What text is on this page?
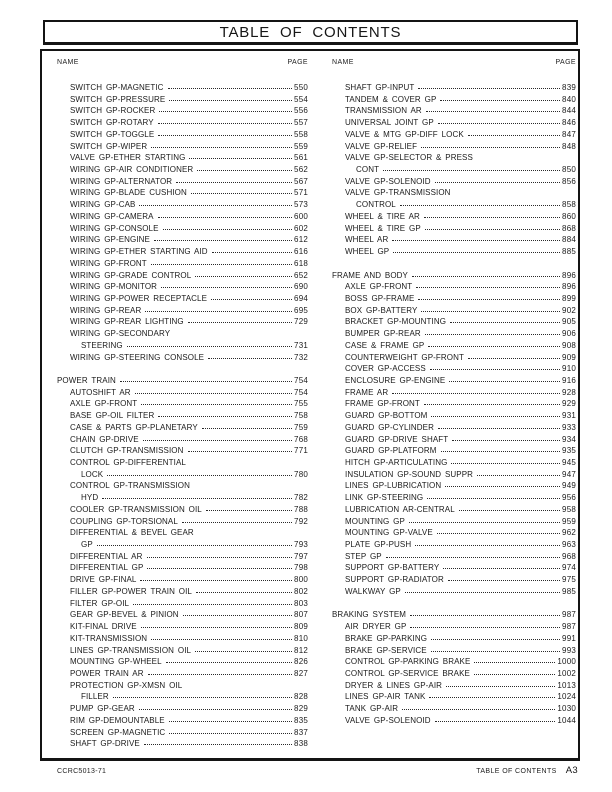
TABLE OF CONTENTS
NAME	PAGE
SWITCH GP-MAGNETIC	550
SWITCH GP-PRESSURE	554
SWITCH GP-ROCKER	556
SWITCH GP-ROTARY	557
SWITCH GP-TOGGLE	558
SWITCH GP-WIPER	559
VALVE GP-ETHER STARTING	561
WIRING GP-AIR CONDITIONER	562
WIRING GP-ALTERNATOR	567
WIRING GP-BLADE CUSHION	571
WIRING GP-CAB	573
WIRING GP-CAMERA	600
WIRING GP-CONSOLE	602
WIRING GP-ENGINE	612
WIRING GP-ETHER STARTING AID	616
WIRING GP-FRONT	618
WIRING GP-GRADE CONTROL	652
WIRING GP-MONITOR	690
WIRING GP-POWER RECEPTACLE	694
WIRING GP-REAR	695
WIRING GP-REAR LIGHTING	729
WIRING GP-SECONDARY
STEERING	731
WIRING GP-STEERING CONSOLE	732
POWER TRAIN	754
AUTOSHIFT AR	754
AXLE GP-FRONT	755
BASE GP-OIL FILTER	758
CASE & PARTS GP-PLANETARY	759
CHAIN GP-DRIVE	768
CLUTCH GP-TRANSMISSION	771
CONTROL GP-DIFFERENTIAL
LOCK	780
CONTROL GP-TRANSMISSION
HYD	782
COOLER GP-TRANSMISSION OIL	788
COUPLING GP-TORSIONAL	792
DIFFERENTIAL & BEVEL GEAR
GP	793
DIFFERENTIAL AR	797
DIFFERENTIAL GP	798
DRIVE GP-FINAL	800
FILLER GP-POWER TRAIN OIL	802
FILTER GP-OIL	803
GEAR GP-BEVEL & PINION	807
KIT-FINAL DRIVE	809
KIT-TRANSMISSION	810
LINES GP-TRANSMISSION OIL	812
MOUNTING GP-WHEEL	826
POWER TRAIN AR	827
PROTECTION GP-XMSN OIL
FILLER	828
PUMP GP-GEAR	829
RIM GP-DEMOUNTABLE	835
SCREEN GP-MAGNETIC	837
SHAFT GP-DRIVE	838
NAME	PAGE
SHAFT GP-INPUT	839
TANDEM & COVER GP	840
TRANSMISSION AR	844
UNIVERSAL JOINT GP	846
VALVE & MTG GP-DIFF LOCK	847
VALVE GP-RELIEF	848
VALVE GP-SELECTOR & PRESS
CONT	850
VALVE GP-SOLENOID	856
VALVE GP-TRANSMISSION
CONTROL	858
WHEEL & TIRE AR	860
WHEEL & TIRE GP	868
WHEEL AR	884
WHEEL GP	885
FRAME AND BODY	896
AXLE GP-FRONT	896
BOSS GP-FRAME	899
BOX GP-BATTERY	902
BRACKET GP-MOUNTING	905
BUMPER GP-REAR	906
CASE & FRAME GP	908
COUNTERWEIGHT GP-FRONT	909
COVER GP-ACCESS	910
ENCLOSURE GP-ENGINE	916
FRAME AR	928
FRAME GP-FRONT	929
GUARD GP-BOTTOM	931
GUARD GP-CYLINDER	933
GUARD GP-DRIVE SHAFT	934
GUARD GP-PLATFORM	935
HITCH GP-ARTICULATING	945
INSULATION GP-SOUND SUPPR	947
LINES GP-LUBRICATION	949
LINK GP-STEERING	956
LUBRICATION AR-CENTRAL	958
MOUNTING GP	959
MOUNTING GP-VALVE	962
PLATE GP-PUSH	963
STEP GP	968
SUPPORT GP-BATTERY	974
SUPPORT GP-RADIATOR	975
WALKWAY GP	985
BRAKING SYSTEM	987
AIR DRYER GP	987
BRAKE GP-PARKING	991
BRAKE GP-SERVICE	993
CONTROL GP-PARKING BRAKE	1000
CONTROL GP-SERVICE BRAKE	1002
DRYER & LINES GP-AIR	1013
LINES GP-AIR TANK	1024
TANK GP-AIR	1030
VALVE GP-SOLENOID	1044
CCRC5013-71	TABLE OF CONTENTS A3
